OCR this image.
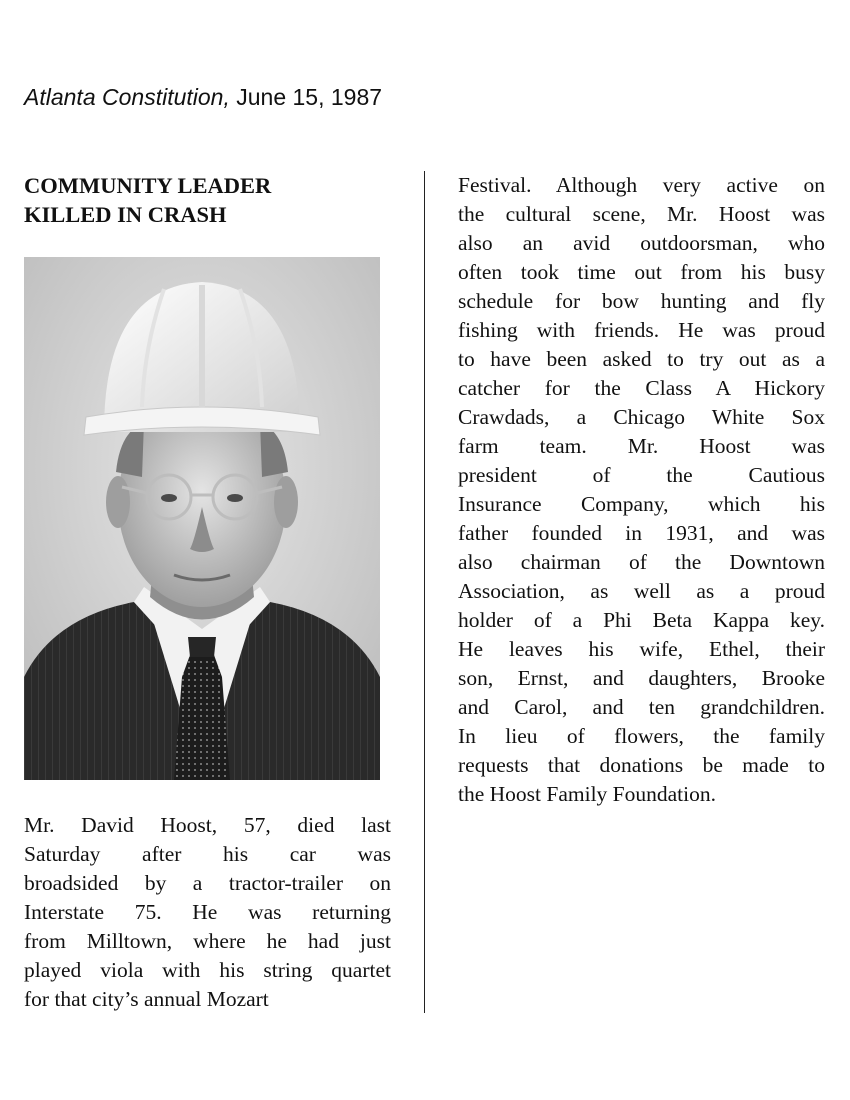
Atlanta Constitution, June 15, 1987
COMMUNITY LEADER
KILLED IN CRASH
Mr. David Hoost, 57, died last
Saturday after his car was
broadsided by a tractor-trailer on
Interstate 75. He was returning
from Milltown, where he had just
played viola with his string quartet
for that city’s annual Mozart
Festival. Although very active on
the cultural scene, Mr. Hoost was
also an avid outdoorsman, who
often took time out from his busy
schedule for bow hunting and fly
fishing with friends. He was proud
to have been asked to try out as a
catcher for the Class A Hickory
Crawdads, a Chicago White Sox
farm team. Mr. Hoost was
president of the Cautious
Insurance Company, which his
father founded in 1931, and was
also chairman of the Downtown
Association, as well as a proud
holder of a Phi Beta Kappa key.
He leaves his wife, Ethel, their
son, Ernst, and daughters, Brooke
and Carol, and ten grandchildren.
In lieu of flowers, the family
requests that donations be made to
the Hoost Family Foundation.
